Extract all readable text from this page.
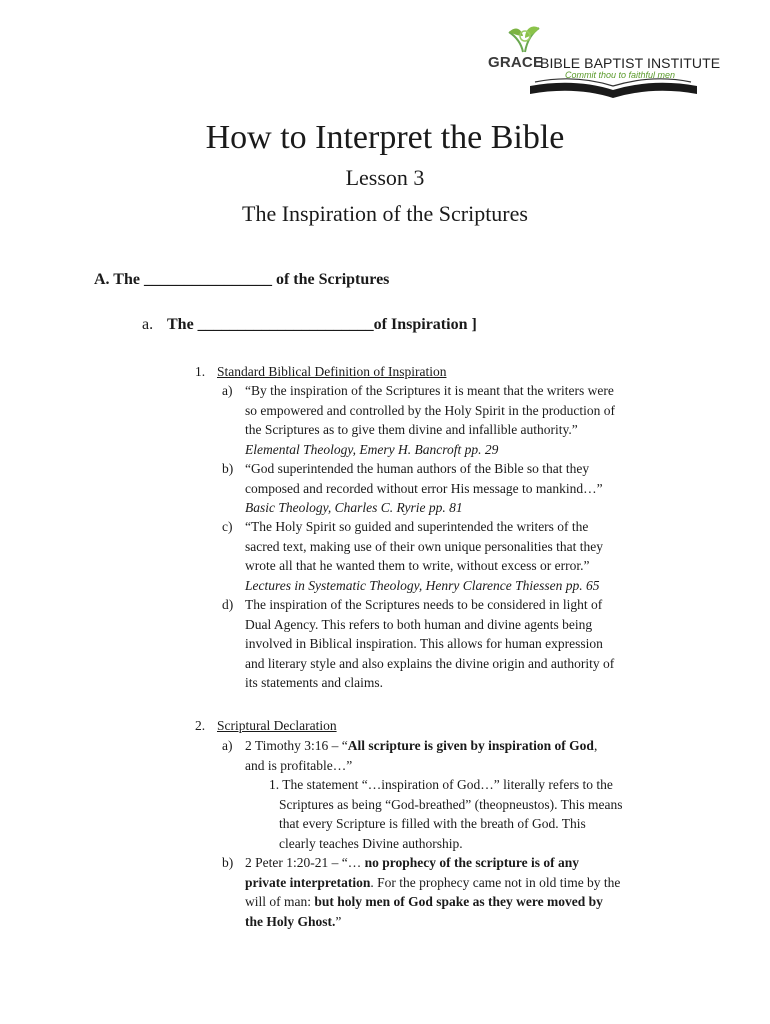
GRACE
BIBLE BAPTIST INSTITUTE
Commit thou to faithful men
How to Interpret the Bible
Lesson 3
The Inspiration of the Scriptures
A. The ________________ of the Scriptures
a. The ______________________of Inspiration ]
1. Standard Biblical Definition of Inspiration
a) “By the inspiration of the Scriptures it is meant that the writers were
so empowered and controlled by the Holy Spirit in the production of
the Scriptures as to give them divine and infallible authority.”
Elemental Theology, Emery H. Bancroft pp. 29
b) “God superintended the human authors of the Bible so that they
composed and recorded without error His message to mankind…”
Basic Theology, Charles C. Ryrie pp. 81
c) “The Holy Spirit so guided and superintended the writers of the
sacred text, making use of their own unique personalities that they
wrote all that he wanted them to write, without excess or error.”
Lectures in Systematic Theology, Henry Clarence Thiessen pp. 65
d) The inspiration of the Scriptures needs to be considered in light of
Dual Agency. This refers to both human and divine agents being
involved in Biblical inspiration. This allows for human expression
and literary style and also explains the divine origin and authority of
its statements and claims.
2. Scriptural Declaration
a) 2 Timothy 3:16 – “All scripture is given by inspiration of God,
and is profitable…”
1. The statement “…inspiration of God…” literally refers to the
Scriptures as being “God-breathed” (theopneustos). This means
that every Scripture is filled with the breath of God. This
clearly teaches Divine authorship.
b) 2 Peter 1:20-21 – “… no prophecy of the scripture is of any
private interpretation. For the prophecy came not in old time by the
will of man: but holy men of God spake as they were moved by
the Holy Ghost.”
